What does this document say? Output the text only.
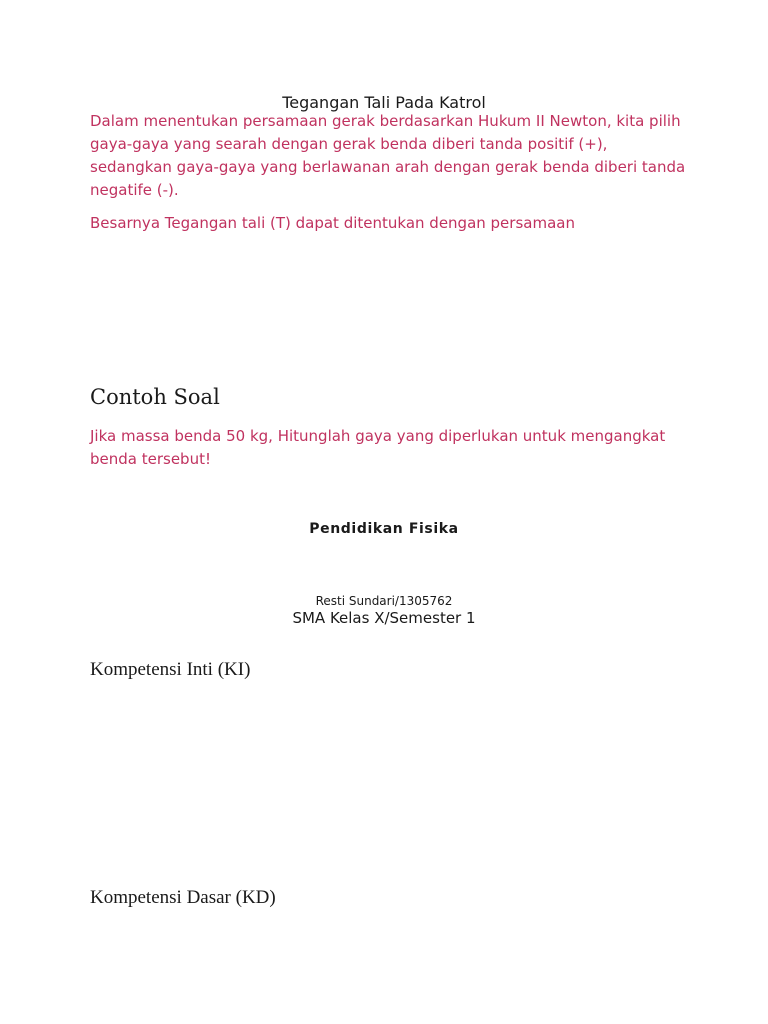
Tegangan Tali Pada Katrol

Dalam menentukan persamaan gerak berdasarkan Hukum II Newton, kita pilih gaya-gaya yang searah dengan gerak benda diberi tanda positif (+), sedangkan gaya-gaya yang berlawanan arah dengan gerak benda diberi tanda negatife (-).

Besarnya Tegangan tali (T) dapat ditentukan dengan persamaan

Contoh Soal

Jika massa benda 50 kg, Hitunglah gaya yang diperlukan untuk mengangkat benda tersebut!

Pendidikan Fisika
Resti Sundari/1305762
SMA Kelas X/Semester 1
Kompetensi Inti (KI)
Kompetensi Dasar (KD)
